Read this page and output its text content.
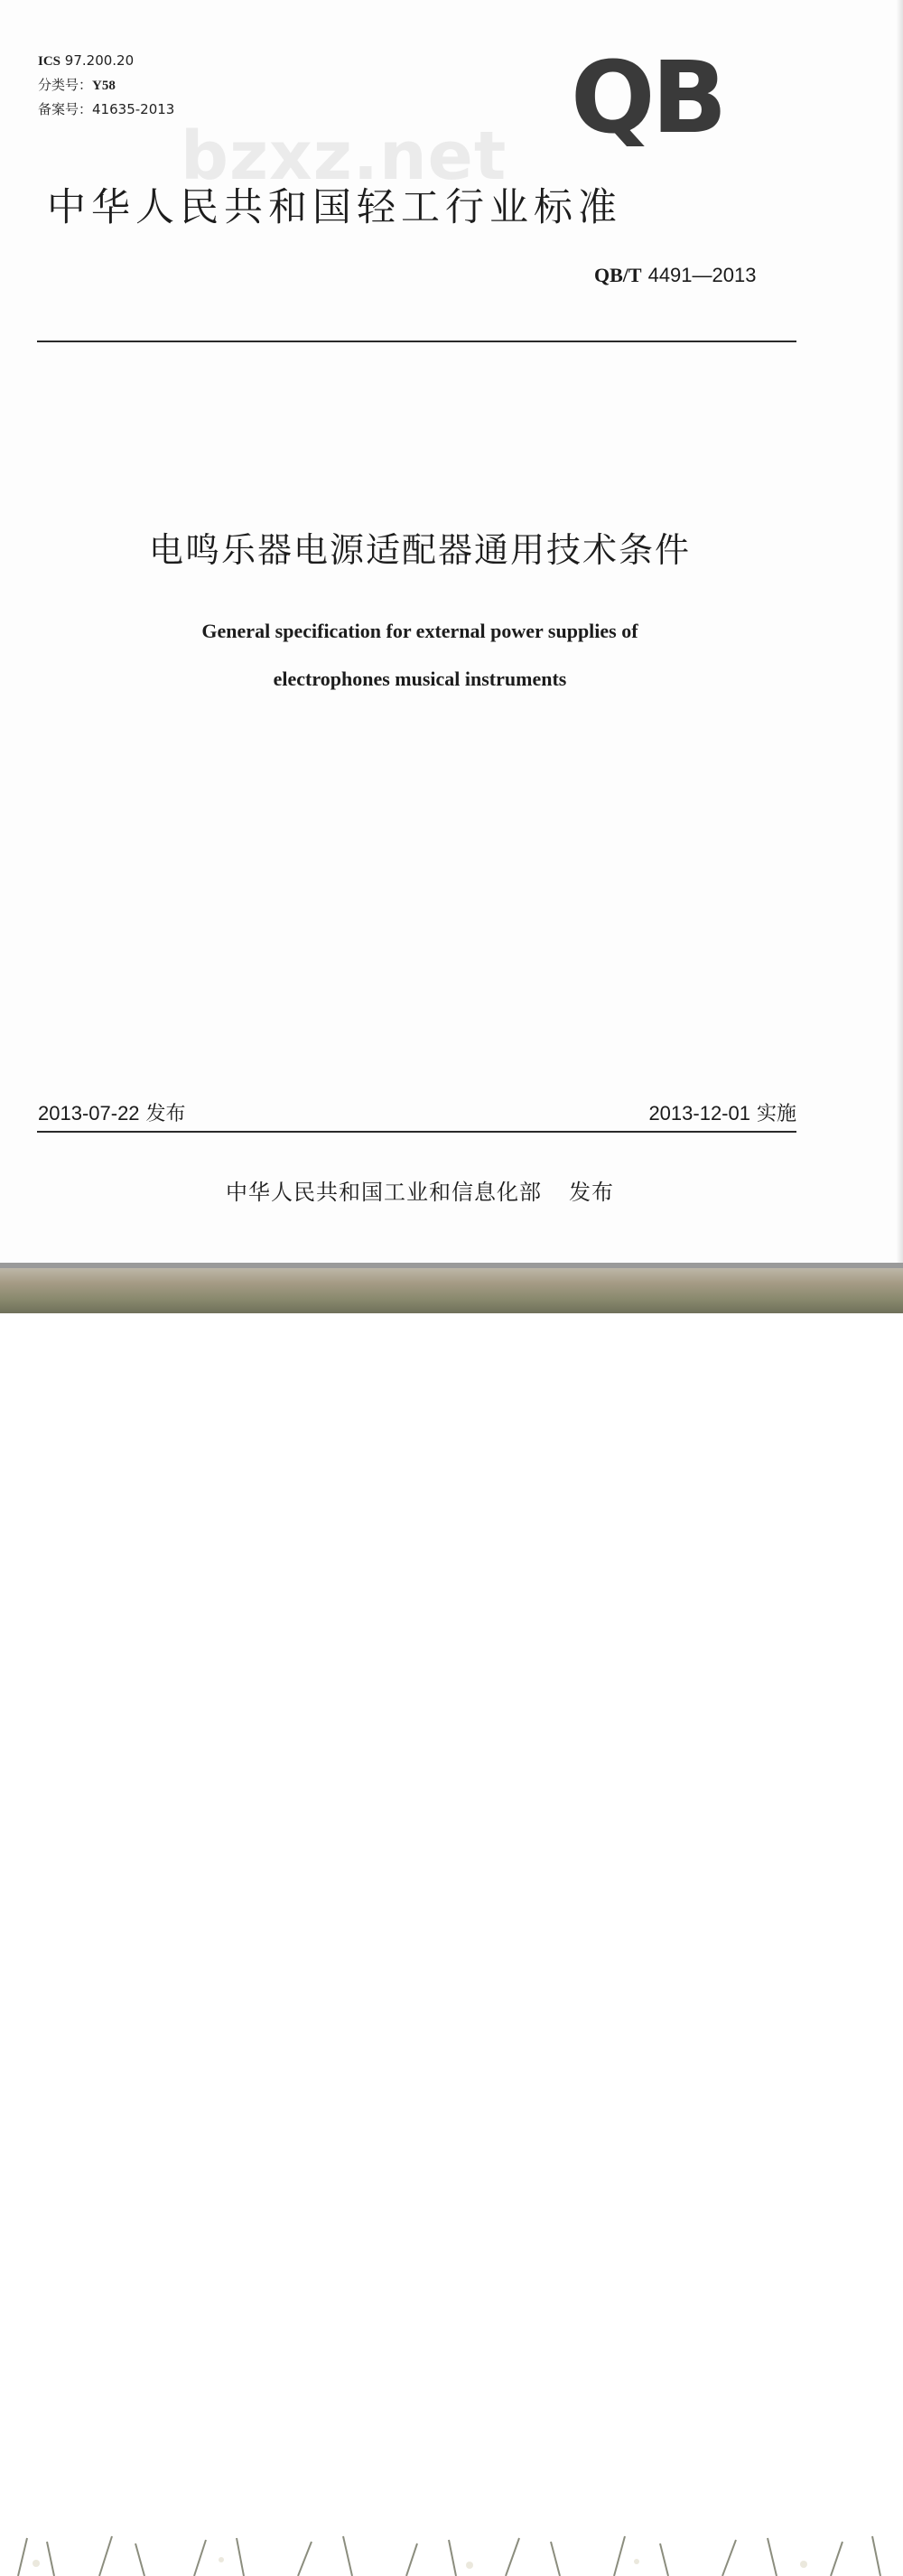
ICS 97.200.20
分类号：Y58
备案号：41635-2013
bzxz.net
QB
中华人民共和国轻工行业标准
QB/T 4491—2013
电鸣乐器电源适配器通用技术条件
General specification for external power supplies of
electrophones musical instruments
2013-07-22 发布	2013-12-01 实施
中华人民共和国工业和信息化部 发布
